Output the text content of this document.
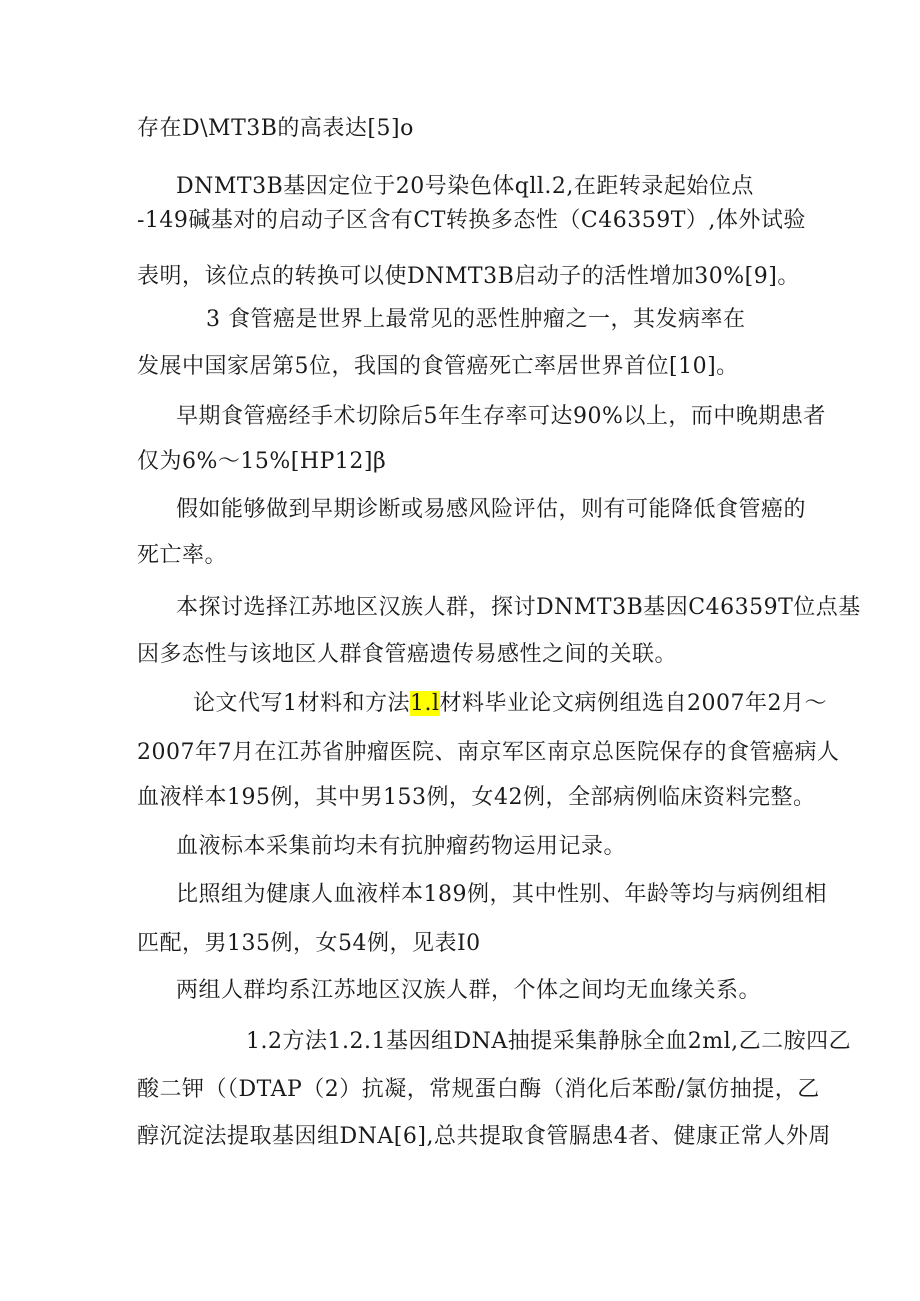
存在D\MT3B的高表达[5]o
DNMT3B基因定位于20号染色体qll.2,在距转录起始位点
-149碱基对的启动子区含有CT转换多态性（C46359T）,体外试验
表明，该位点的转换可以使DNMT3B启动子的活性增加30%[9]。
3 食管癌是世界上最常见的恶性肿瘤之一，其发病率在
发展中国家居第5位，我国的食管癌死亡率居世界首位[10]。
早期食管癌经手术切除后5年生存率可达90%以上，而中晚期患者
仅为6%～15%[HP12]β
假如能够做到早期诊断或易感风险评估，则有可能降低食管癌的
死亡率。
本探讨选择江苏地区汉族人群，探讨DNMT3B基因C46359T位点基
因多态性与该地区人群食管癌遗传易感性之间的关联。
论文代写1材料和方法1.l材料毕业论文病例组选自2007年2月～
2007年7月在江苏省肿瘤医院、南京军区南京总医院保存的食管癌病人
血液样本195例，其中男153例，女42例，全部病例临床资料完整。
血液标本采集前均未有抗肿瘤药物运用记录。
比照组为健康人血液样本189例，其中性别、年龄等均与病例组相
匹配，男135例，女54例，见表I0
两组人群均系江苏地区汉族人群，个体之间均无血缘关系。
1.2方法1.2.1基因组DNA抽提采集静脉全血2ml,乙二胺四乙
酸二钾（（DTAP（2）抗凝，常规蛋白酶（消化后苯酚/氯仿抽提，乙
醇沉淀法提取基因组DNA[6],总共提取食管膈患4者、健康正常人外周
